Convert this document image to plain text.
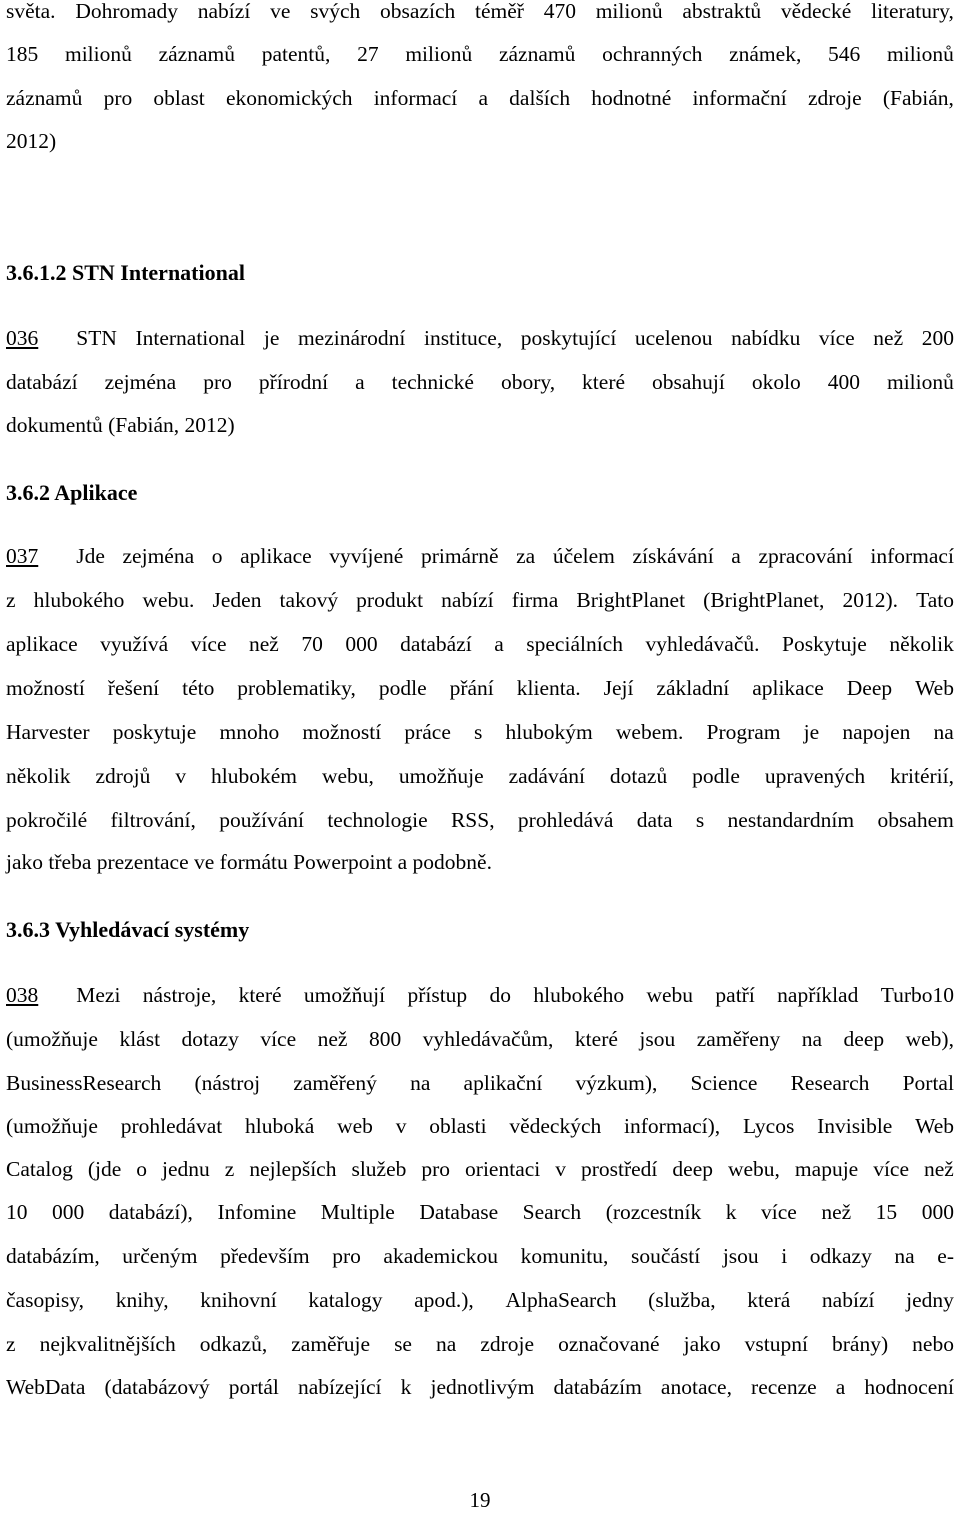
světa. Dohromady nabízí ve svých obsazích téměř 470 milionů abstraktů vědecké literatury,
185 milionů záznamů patentů, 27 milionů záznamů ochranných známek, 546 milionů
záznamů pro oblast ekonomických informací a dalších hodnotné informační zdroje (Fabián,
2012)
3.6.1.2 STN International
036 STN International je mezinárodní instituce, poskytující ucelenou nabídku více než 200
databází zejména pro přírodní a technické obory, které obsahují okolo 400 milionů
dokumentů (Fabián, 2012)
3.6.2 Aplikace
037 Jde zejména o aplikace vyvíjené primárně za účelem získávání a zpracování informací
z hlubokého webu. Jeden takový produkt nabízí firma BrightPlanet (BrightPlanet, 2012). Tato
aplikace využívá více než 70 000 databází a speciálních vyhledávačů. Poskytuje několik
možností řešení této problematiky, podle přání klienta. Její základní aplikace Deep Web
Harvester poskytuje mnoho možností práce s hlubokým webem. Program je napojen na
několik zdrojů v hlubokém webu, umožňuje zadávání dotazů podle upravených kritérií,
pokročilé filtrování, používání technologie RSS, prohledává data s nestandardním obsahem
jako třeba prezentace ve formátu Powerpoint a podobně.
3.6.3 Vyhledávací systémy
038 Mezi nástroje, které umožňují přístup do hlubokého webu patří například Turbo10
(umožňuje klást dotazy více než 800 vyhledávačům, které jsou zaměřeny na deep web),
BusinessResearch (nástroj zaměřený na aplikační výzkum), Science Research Portal
(umožňuje prohledávat hluboká web v oblasti vědeckých informací), Lycos Invisible Web
Catalog (jde o jednu z nejlepších služeb pro orientaci v prostředí deep webu, mapuje více než
10 000 databází), Infomine Multiple Database Search (rozcestník k více než 15 000
databázím, určeným především pro akademickou komunitu, součástí jsou i odkazy na e-
časopisy, knihy, knihovní katalogy apod.), AlphaSearch (služba, která nabízí jedny
z nejkvalitnějších odkazů, zaměřuje se na zdroje označované jako vstupní brány) nebo
WebData (databázový portál nabízející k jednotlivým databázím anotace, recenze a hodnocení
19
